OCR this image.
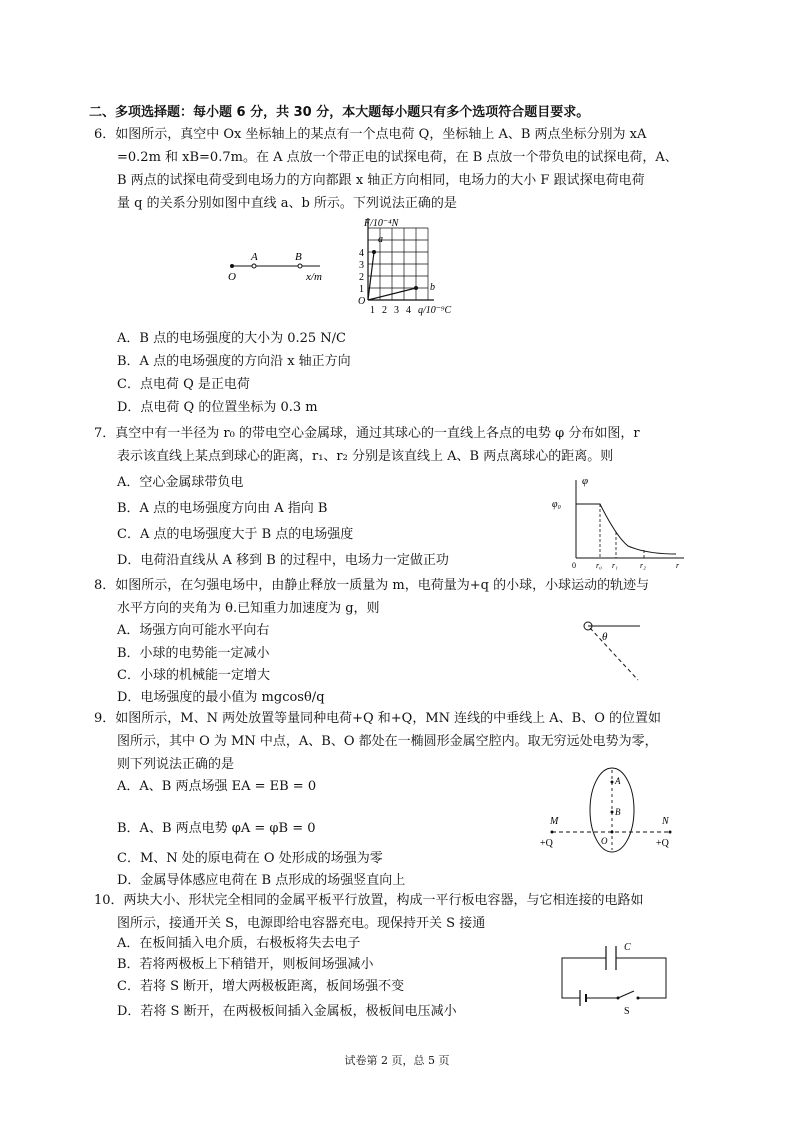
二、多项选择题：每小题 6 分，共 30 分，本大题每小题只有多个选项符合题目要求。
6．如图所示，真空中 Ox 坐标轴上的某点有一个点电荷 Q，坐标轴上 A、B 两点坐标分别为 xA
=0.2m 和 xB=0.7m。在 A 点放一个带正电的试探电荷，在 B 点放一个带负电的试探电荷，A、
B 两点的试探电荷受到电场力的方向都跟 x 轴正方向相同，电场力的大小 F 跟试探电荷电荷
量 q 的关系分别如图中直线 a、b 所示。下列说法正确的是
O
A	B
x/m
F/10⁻⁴N
a
b
O
1
2
3
4
1 2 3 4 q/10⁻⁹C
A．B 点的电场强度的大小为 0.25 N/C
B．A 点的电场强度的方向沿 x 轴正方向
C．点电荷 Q 是正电荷
D．点电荷 Q 的位置坐标为 0.3 m
7．真空中有一半径为 r₀ 的带电空心金属球，通过其球心的一直线上各点的电势 φ 分布如图，r
表示该直线上某点到球心的距离，r₁、r₂ 分别是该直线上 A、B 两点离球心的距离。则
A．空心金属球带负电
B．A 点的电场强度方向由 A 指向 B
C．A 点的电场强度大于 B 点的电场强度
D．电荷沿直线从 A 移到 B 的过程中，电场力一定做正功
φ
φ₀
0	r₀ r₁	r₂	r
8．如图所示，在匀强电场中，由静止释放一质量为 m，电荷量为+q 的小球，小球运动的轨迹与
水平方向的夹角为 θ.已知重力加速度为 g，则
A．场强方向可能水平向右
B．小球的电势能一定减小
C．小球的机械能一定增大
D．电场强度的最小值为 mgcosθ/q
θ
9．如图所示，M、N 两处放置等量同种电荷+Q 和+Q，MN 连线的中垂线上 A、B、O 的位置如
图所示，其中 O 为 MN 中点，A、B、O 都处在一椭圆形金属空腔内。取无穷远处电势为零，
则下列说法正确的是
A．A、B 两点场强 EA = EB = 0
B．A、B 两点电势 φA = φB = 0
C．M、N 处的原电荷在 O 处形成的场强为零
D．金属导体感应电荷在 B 点形成的场强竖直向上
M	N
+Q	+Q
A
B
O
10．两块大小、形状完全相同的金属平板平行放置，构成一平行板电容器，与它相连接的电路如
图所示，接通开关 S，电源即给电容器充电。现保持开关 S 接通
A．在板间插入电介质，右极板将失去电子
B．若将两极板上下稍错开，则板间场强减小
C．若将 S 断开，增大两极板距离，板间场强不变
D．若将 S 断开，在两极板间插入金属板，极板间电压减小
C
S
试卷第 2 页，总 5 页
